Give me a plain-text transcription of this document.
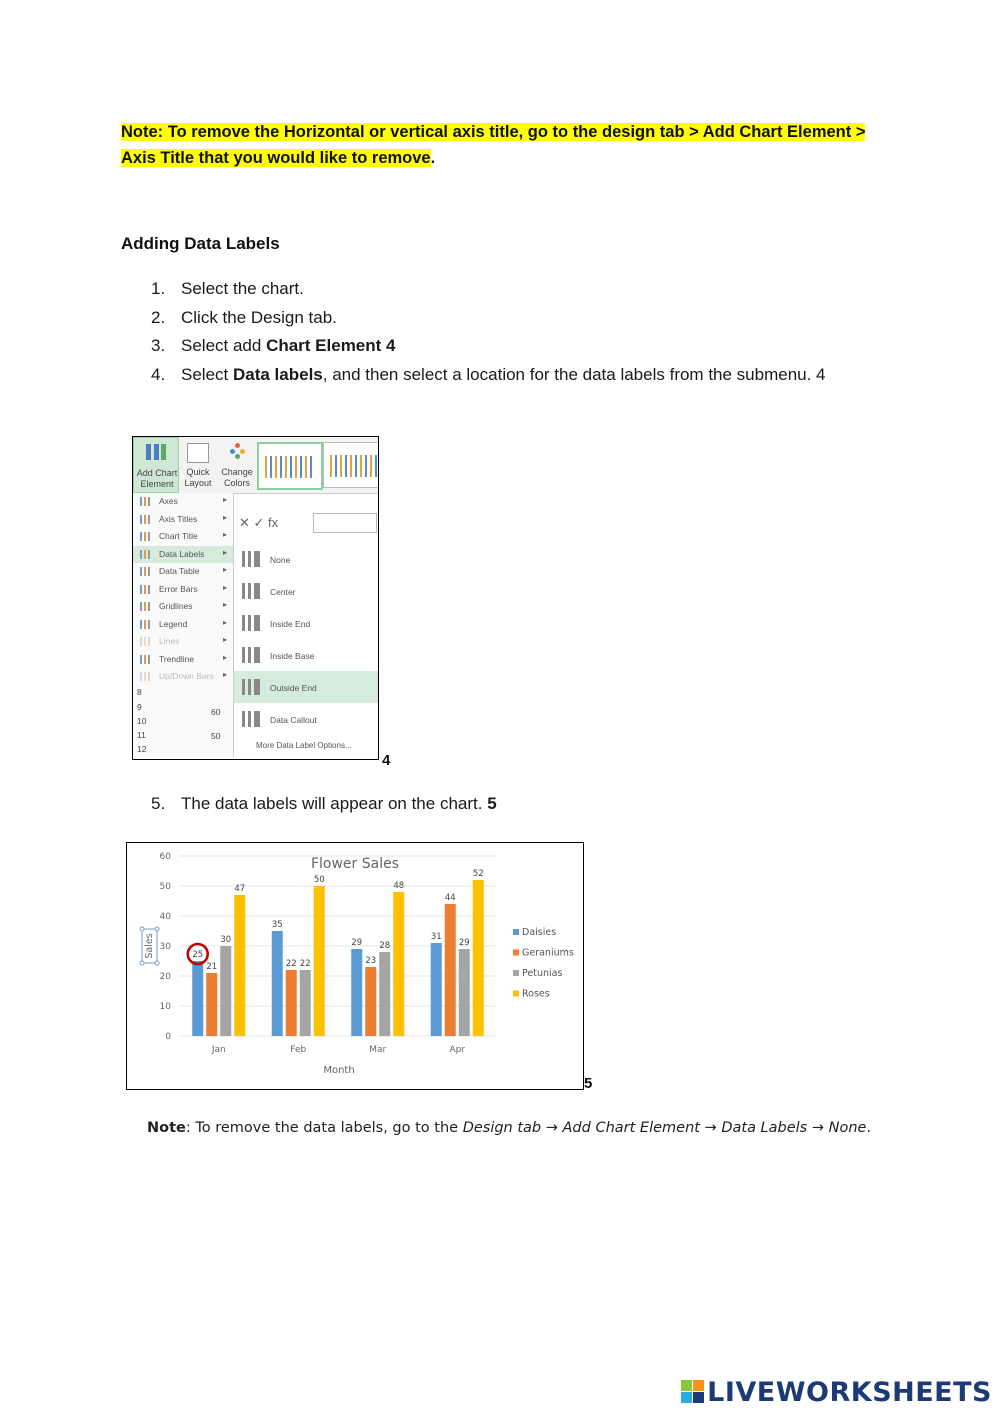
Note: To remove the Horizontal or vertical axis title, go to the design tab > Add Chart Element >
Axis Title that you would like to remove.
Adding Data Labels
1. Select the chart.
2. Click the Design tab.
3. Select add Chart Element 4
4. Select Data labels, and then select a location for the data labels from the submenu. 4
Add Chart Element
Quick Layout
Change Colors
✕ ✓ fx
Axes	▸
Axis Titles	▸
Chart Title	▸
Data Labels ▸
Data Table	▸
Error Bars	▸
Gridlines	▸
Legend	▸
Lines	▸
Trendline	▸
Up/Down Bars ▸
8
9
10
11
12
60
50
None
Center
Inside End
Inside Base
Outside End
Data Callout
More Data Label Options...
4
5. The data labels will appear on the chart. 5
0
10
20
30
40
50
60
25
21
30
47
Jan
35
22 22
50
Feb
29
23
28
48
Mar
31
44
29
52
Apr
Flower Sales
Month
Sales
Daisies
Geraniums
Petunias
Roses
5
Note: To remove the data labels, go to the Design tab → Add Chart Element → Data Labels → None.
LIVEWORKSHEETS
